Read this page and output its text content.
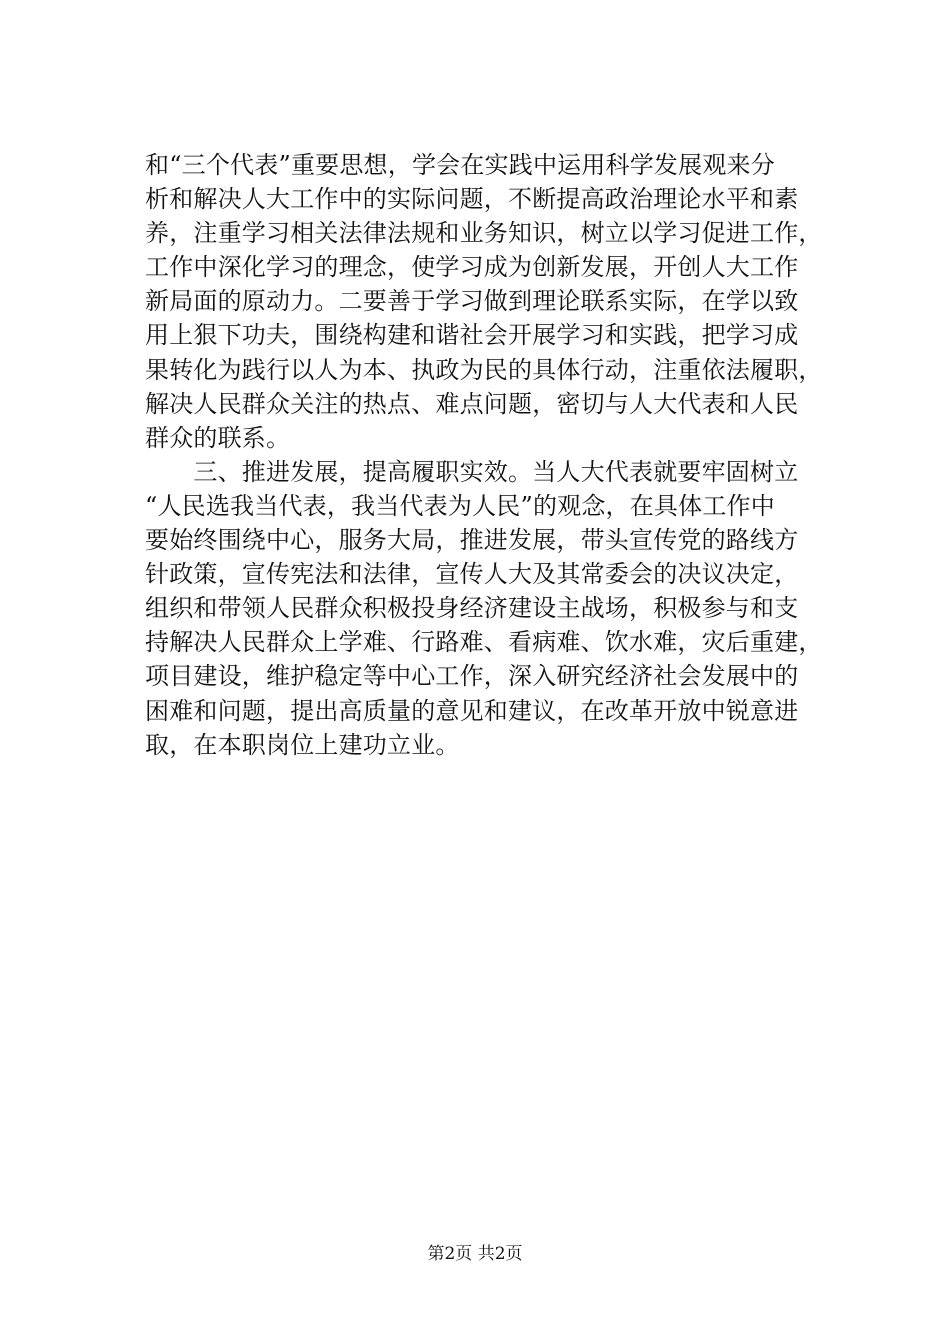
和“三个代表”重要思想，学会在实践中运用科学发展观来分
析和解决人大工作中的实际问题，不断提高政治理论水平和素
养，注重学习相关法律法规和业务知识，树立以学习促进工作，
工作中深化学习的理念，使学习成为创新发展，开创人大工作
新局面的原动力。二要善于学习做到理论联系实际，在学以致
用上狠下功夫，围绕构建和谐社会开展学习和实践，把学习成
果转化为践行以人为本、执政为民的具体行动，注重依法履职，
解决人民群众关注的热点、难点问题，密切与人大代表和人民
群众的联系。
　　三、推进发展，提高履职实效。当人大代表就要牢固树立
“人民选我当代表，我当代表为人民”的观念，在具体工作中
要始终围绕中心，服务大局，推进发展，带头宣传党的路线方
针政策，宣传宪法和法律，宣传人大及其常委会的决议决定，
组织和带领人民群众积极投身经济建设主战场，积极参与和支
持解决人民群众上学难、行路难、看病难、饮水难，灾后重建，
项目建设，维护稳定等中心工作，深入研究经济社会发展中的
困难和问题，提出高质量的意见和建议，在改革开放中锐意进
取，在本职岗位上建功立业。
第2页 共2页
